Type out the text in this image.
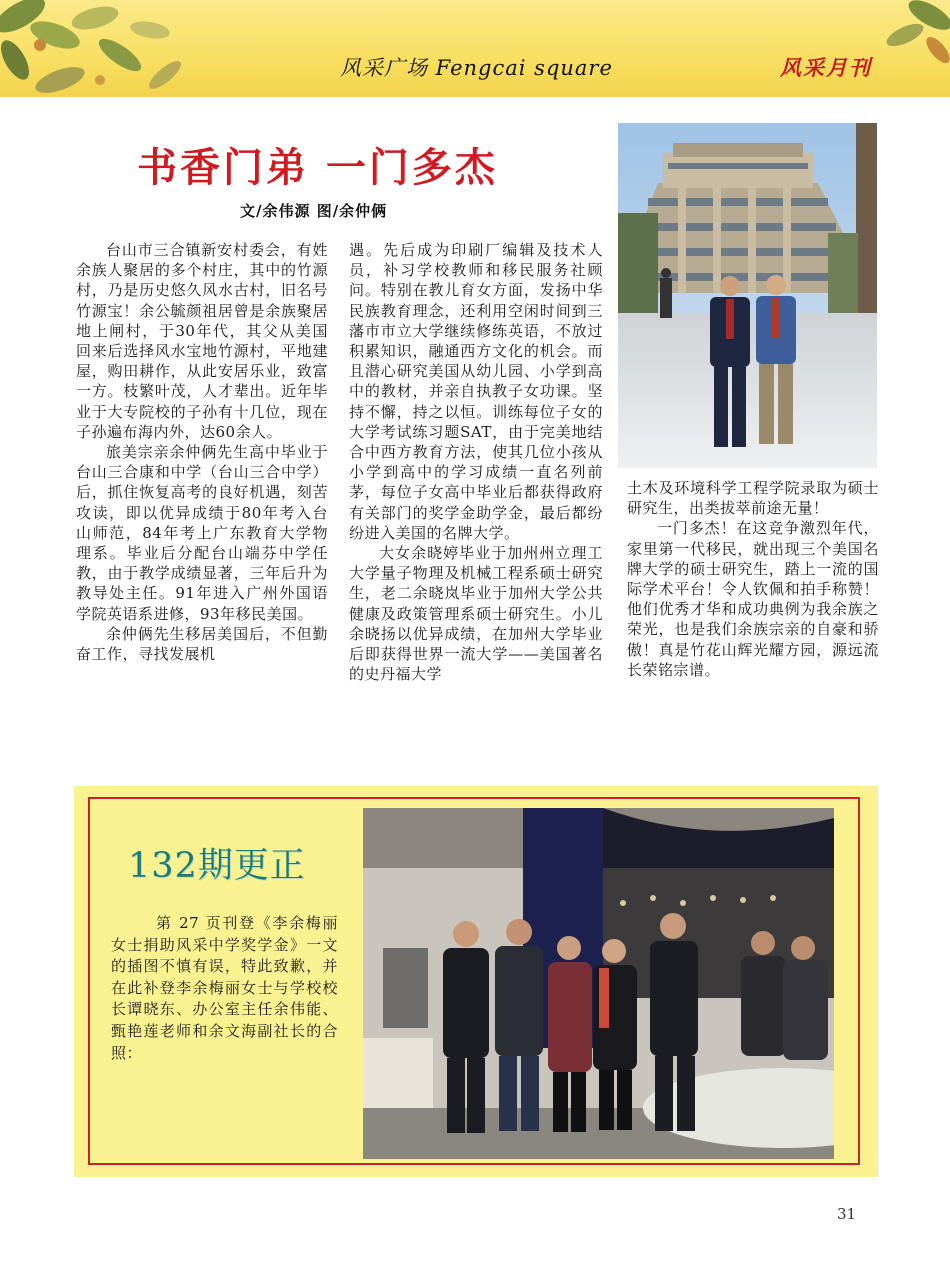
风采广场 Fengcai square	风采月刊
书香门弟 一门多杰
文/余伟源 图/余仲俩

台山市三合镇新安村委会，有姓余族人聚居的多个村庄，其中的竹源村，乃是历史悠久风水古村，旧名号竹源宝！余公毓颜祖居曾是余族聚居地上闸村，于30年代，其父从美国回来后选择风水宝地竹源村，平地建屋，购田耕作，从此安居乐业，致富一方。枝繁叶茂，人才辈出。近年毕业于大专院校的子孙有十几位，现在子孙遍布海内外，达60余人。

旅美宗亲余仲俩先生高中毕业于台山三合康和中学（台山三合中学）后，抓住恢复高考的良好机遇，刻苦攻读，即以优异成绩于80年考入台山师范，84年考上广东教育大学物理系。毕业后分配台山端芬中学任教，由于教学成绩显著，三年后升为教导处主任。91年进入广州外国语学院英语系进修，93年移民美国。

余仲俩先生移居美国后，不但勤奋工作，寻找发展机

遇。先后成为印刷厂编辑及技术人员，补习学校教师和移民服务社顾问。特别在教儿育女方面，发扬中华民族教育理念，还利用空闲时间到三藩市市立大学继续修练英语，不放过积累知识，融通西方文化的机会。而且潜心研究美国从幼儿园、小学到高中的教材，并亲自执教子女功课。坚持不懈，持之以恒。训练每位子女的大学考试练习题SAT，由于完美地结合中西方教育方法，使其几位小孩从小学到高中的学习成绩一直名列前茅，每位子女高中毕业后都获得政府有关部门的奖学金助学金，最后都纷纷进入美国的名牌大学。

大女余晓婷毕业于加州州立理工大学量子物理及机械工程系硕士研究生，老二余晓岚毕业于加州大学公共健康及政策管理系硕士研究生。小儿余晓扬以优异成绩，在加州大学毕业后即获得世界一流大学——美国著名的史丹福大学

土木及环境科学工程学院录取为硕士研究生，出类拔萃前途无量！

一门多杰！在这竞争激烈年代，家里第一代移民，就出现三个美国名牌大学的硕士研究生，踏上一流的国际学术平台！令人钦佩和拍手称赞！他们优秀才华和成功典例为我余族之荣光，也是我们余族宗亲的自豪和骄傲！真是竹花山辉光耀方园，源远流长荣铭宗谱。

132期更正

第 27 页刊登《李余梅丽女士捐助风采中学奖学金》一文的插图不慎有误，特此致歉，并在此补登李余梅丽女士与学校校长谭晓东、办公室主任余伟能、甄艳莲老师和余文海副社长的合照：

31
